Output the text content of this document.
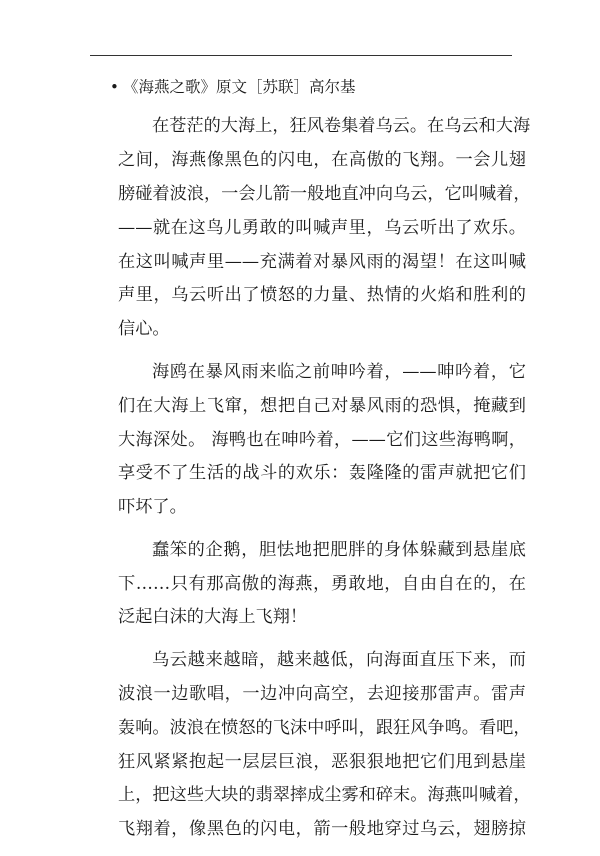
• 《海燕之歌》原文［苏联］高尔基
在苍茫的大海上，狂风卷集着乌云。在乌云和大海
之间，海燕像黑色的闪电，在高傲的飞翔。一会儿翅
膀碰着波浪，一会儿箭一般地直冲向乌云，它叫喊着，
——就在这鸟儿勇敢的叫喊声里，乌云听出了欢乐。
在这叫喊声里——充满着对暴风雨的渴望！在这叫喊
声里，乌云听出了愤怒的力量、热情的火焰和胜利的
信心。
海鸥在暴风雨来临之前呻吟着，——呻吟着，它
们在大海上飞窜，想把自己对暴风雨的恐惧，掩藏到
大海深处。 海鸭也在呻吟着，——它们这些海鸭啊，
享受不了生活的战斗的欢乐：轰隆隆的雷声就把它们
吓坏了。
蠢笨的企鹅，胆怯地把肥胖的身体躲藏到悬崖底
下……只有那高傲的海燕，勇敢地，自由自在的，在
泛起白沫的大海上飞翔！
乌云越来越暗，越来越低，向海面直压下来，而
波浪一边歌唱，一边冲向高空，去迎接那雷声。雷声
轰响。波浪在愤怒的飞沫中呼叫，跟狂风争鸣。看吧，
狂风紧紧抱起一层层巨浪，恶狠狠地把它们甩到悬崖
上，把这些大块的翡翠摔成尘雾和碎末。海燕叫喊着，
飞翔着，像黑色的闪电，箭一般地穿过乌云，翅膀掠
